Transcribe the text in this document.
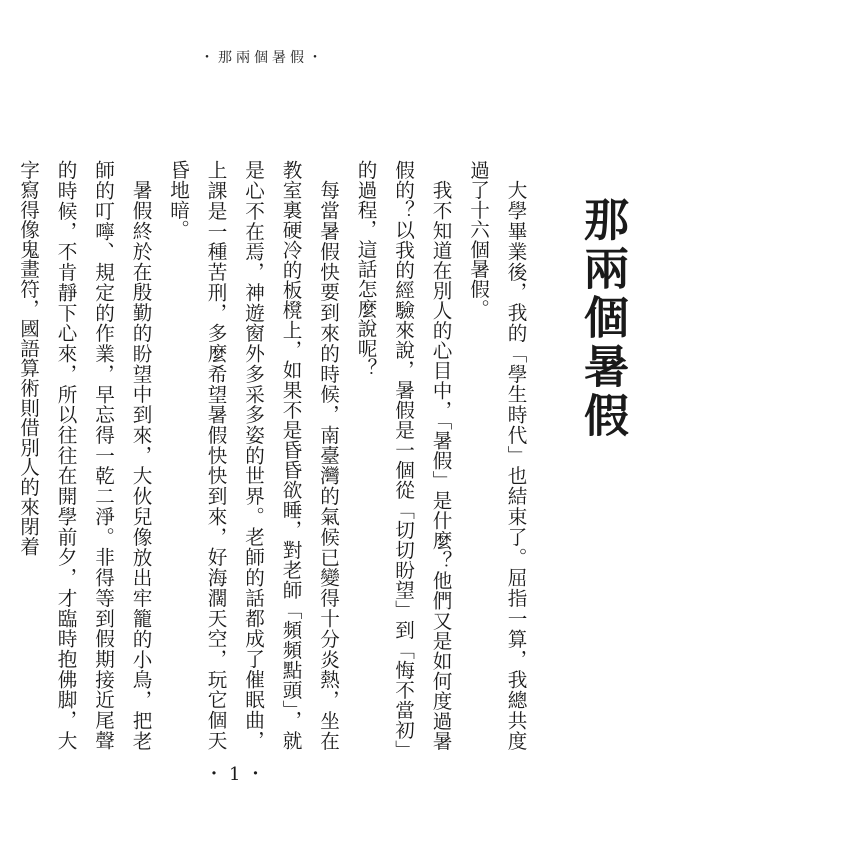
・那兩個暑假・
那兩個暑假

大學畢業後，我的「學生時代」也結束了。屈指一算，我總共度過了十六個暑假。

我不知道在別人的心目中，「暑假」是什麼？他們又是如何度過暑假的？以我的經驗來說，暑假是一個從「切切盼望」到「悔不當初」的過程，這話怎麼說呢？

每當暑假快要到來的時候，南臺灣的氣候已變得十分炎熱，坐在教室裏硬冷的板櫈上，如果不是昏昏欲睡，對老師「頻頻點頭」，就是心不在焉，神遊窗外多采多姿的世界。老師的話都成了催眠曲，上課是一種苦刑，多麼希望暑假快快到來，好海濶天空，玩它個天昏地暗。

暑假終於在殷勤的盼望中到來，大伙兒像放出牢籠的小鳥，把老師的叮嚀、規定的作業，早忘得一乾二淨。非得等到假期接近尾聲的時候，不肯靜下心來，所以往往在開學前夕，才臨時抱佛脚，大字寫得像鬼畫符，國語算術則借別人的來閉着

・1・
